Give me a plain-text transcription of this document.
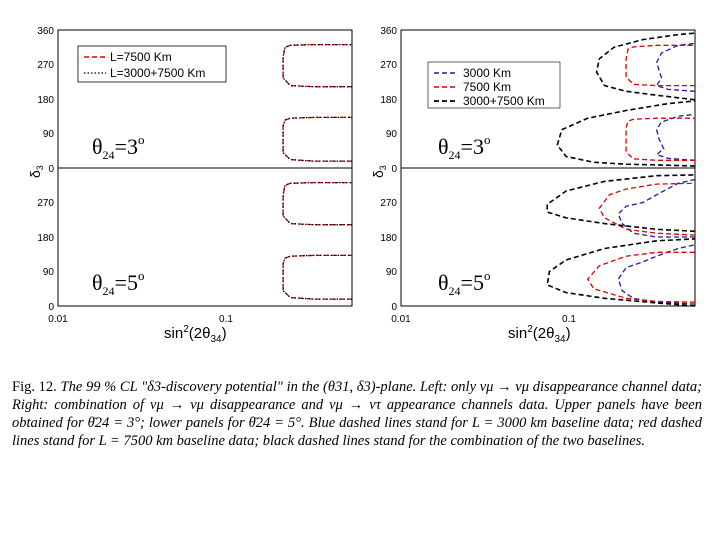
360
270
180
90
0
270
180
90
0
0.01	0.1
$\sin^2(2\theta_{34})$
$\delta_3$
L=7500 Km
L=3000+7500 Km
$\theta_{24}=3^o$
$\theta_{24}=5^o$
360
270
180
90
0
270
180
90
0
0.01	0.1
$\sin^2(2\theta_{34})$
$\delta_3$
3000 Km
7500 Km
3000+7500 Km
$\theta_{24}=3^o$
$\theta_{24}=5^o$
Fig. 12. The 99 % CL "δ3-discovery potential" in the (θ31, δ3)-plane. Left: only νμ → νμ disappearance channel data; Right: combination of νμ → νμ disappearance and νμ → ντ appearance channels data. Upper panels have been obtained for θ̄24 = 3°; lower panels for θ̄24 = 5°. Blue dashed lines stand for L = 3000 km baseline data; red dashed lines stand for L = 7500 km baseline data; black dashed lines stand for the combination of the two baselines.
